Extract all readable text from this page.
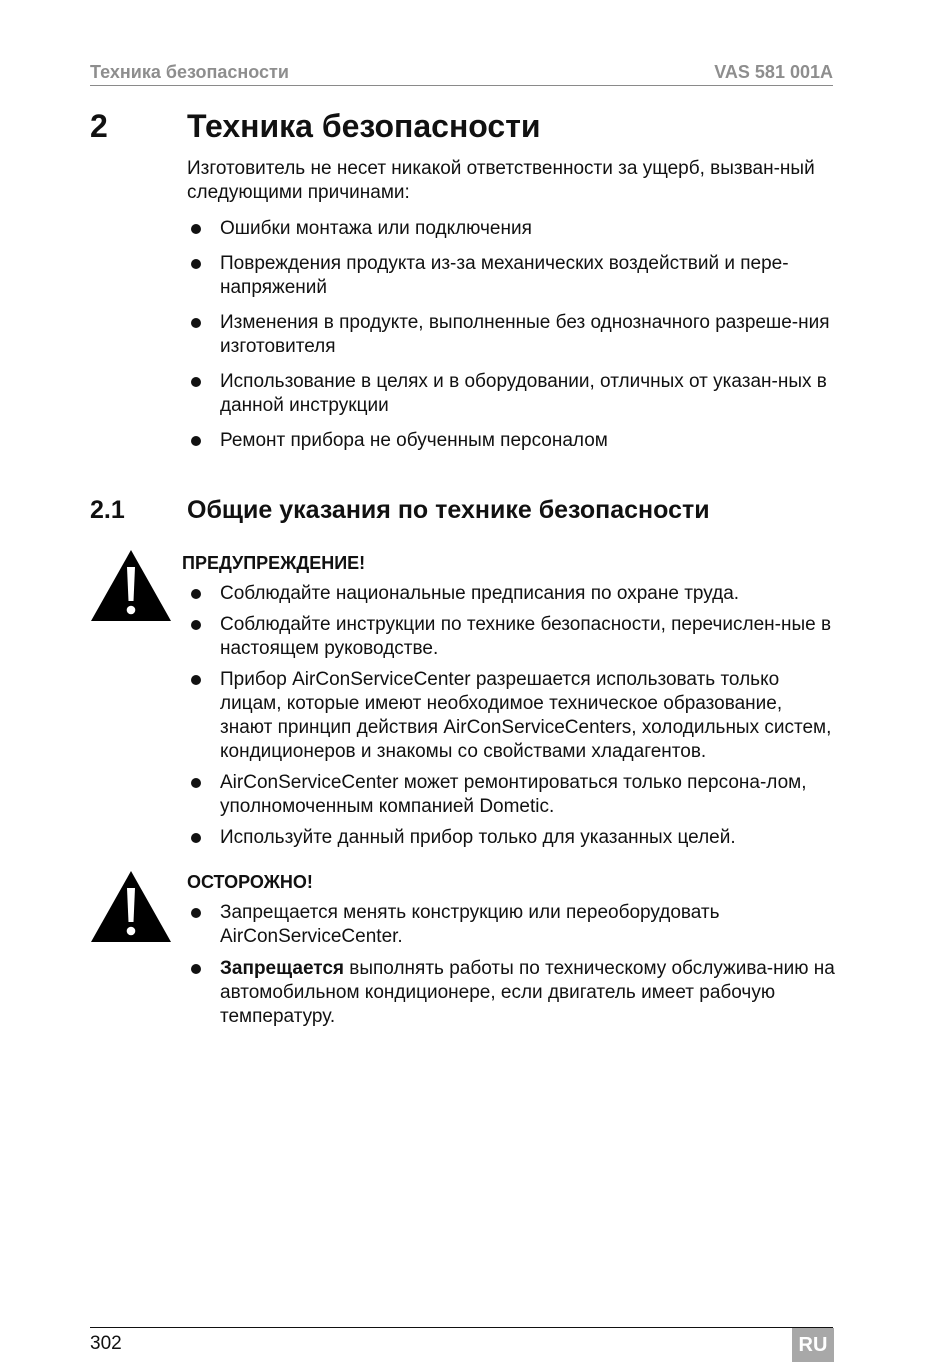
Техника безопасности	VAS 581 001A
2 Техника безопасности

Изготовитель не несет никакой ответственности за ущерб, вызван-ный следующими причинами:

Ошибки монтажа или подключения
Повреждения продукта из-за механических воздействий и пере-напряжений
Изменения в продукте, выполненные без однозначного разреше-ния изготовителя
Использование в целях и в оборудовании, отличных от указан-ных в данной инструкции
Ремонт прибора не обученным персоналом
2.1 Общие указания по технике безопасности
ПРЕДУПРЕЖДЕНИЕ!
Соблюдайте национальные предписания по охране труда.
Соблюдайте инструкции по технике безопасности, перечислен-ные в настоящем руководстве.
Прибор AirConServiceCenter разрешается использовать только лицам, которые имеют необходимое техническое образование, знают принцип действия AirConServiceCenters, холодильных систем, кондиционеров и знакомы со свойствами хладагентов.
AirConServiceCenter может ремонтироваться только персона-лом, уполномоченным компанией Dometic.
Используйте данный прибор только для указанных целей.
ОСТОРОЖНО!
Запрещается менять конструкцию или переоборудовать AirConServiceCenter.
Запрещается выполнять работы по техническому обслужива-нию на автомобильном кондиционере, если двигатель имеет рабочую температуру.
302	RU
